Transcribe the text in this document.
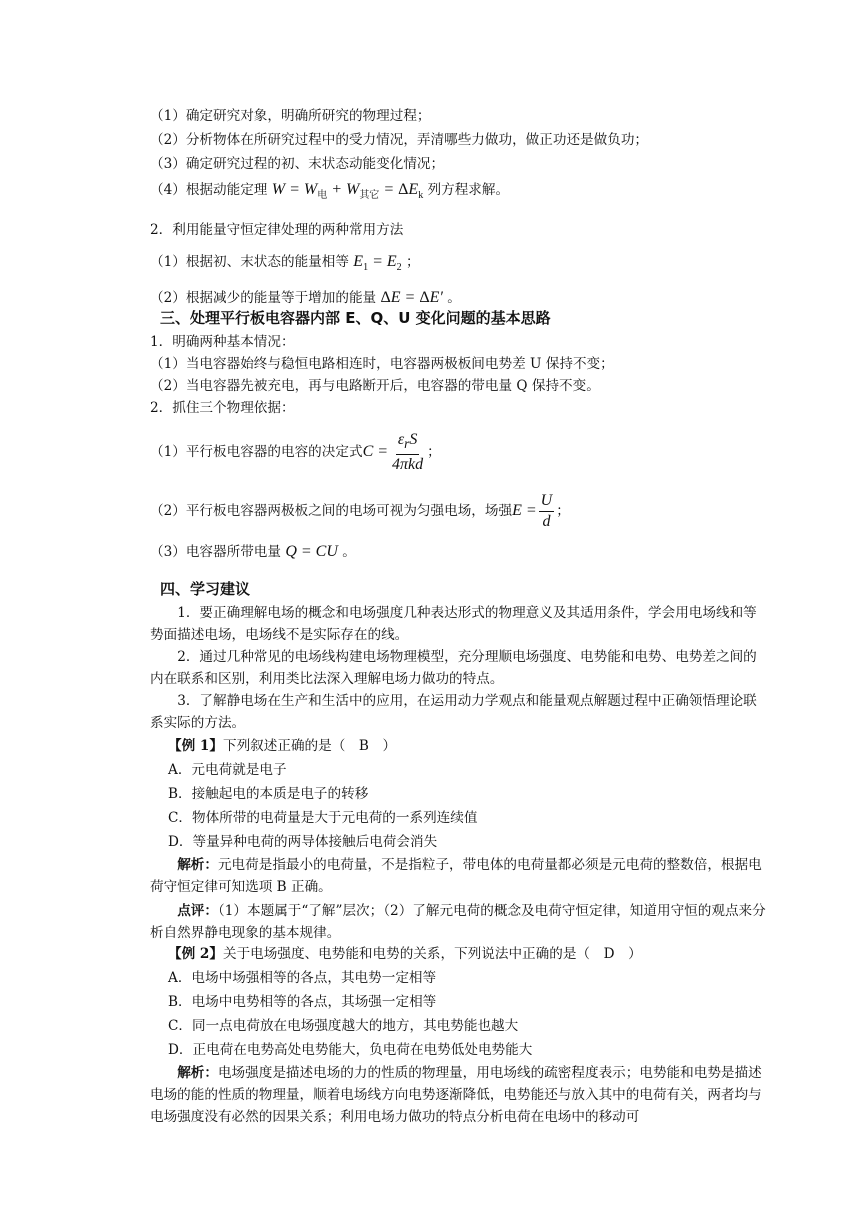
（1）确定研究对象，明确所研究的物理过程；
（2）分析物体在所研究过程中的受力情况，弄清哪些力做功，做正功还是做负功；
（3）确定研究过程的初、末状态动能变化情况；
（4）根据动能定理 $W = W_电 + W_{其它} = \Delta E_k$ 列方程求解。
2．利用能量守恒定律处理的两种常用方法
（1）根据初、末状态的能量相等 $E_1 = E_2$ ；
（2）根据减少的能量等于增加的能量 ΔE = ΔE′ 。
三、处理平行板电容器内部 E、Q、U 变化问题的基本思路
1．明确两种基本情况：
（1）当电容器始终与稳恒电路相连时，电容器两极板间电势差 U 保持不变；
（2）当电容器先被充电，再与电路断开后，电容器的带电量 Q 保持不变。
2．抓住三个物理依据：
（1）平行板电容器的电容的决定式$C = \frac{\varepsilon_rS}{\text{4πkd}}$ ；
（2）平行板电容器两极板之间的电场可视为匀强电场，场强$E = \frac{U}{d}$ ；
（3）电容器所带电量 Q = CU 。
四、学习建议
1．要正确理解电场的概念和电场强度几种表达形式的物理意义及其适用条件，学会用电场线和等势面描述电场，电场线不是实际存在的线。
2．通过几种常见的电场线构建电场物理模型，充分理顺电场强度、电势能和电势、电势差之间的内在联系和区别，利用类比法深入理解电场力做功的特点。
3．了解静电场在生产和生活中的应用，在运用动力学观点和能量观点解题过程中正确领悟理论联系实际的方法。
【例 1】下列叙述正确的是（　B　）
A．元电荷就是电子
B．接触起电的本质是电子的转移
C．物体所带的电荷量是大于元电荷的一系列连续值
D．等量异种电荷的两导体接触后电荷会消失
解析：元电荷是指最小的电荷量，不是指粒子，带电体的电荷量都必须是元电荷的整数倍，根据电荷守恒定律可知选项 B 正确。
点评：（1）本题属于“了解”层次；（2）了解元电荷的概念及电荷守恒定律，知道用守恒的观点来分析自然界静电现象的基本规律。
【例 2】关于电场强度、电势能和电势的关系，下列说法中正确的是（　D　）
A．电场中场强相等的各点，其电势一定相等
B．电场中电势相等的各点，其场强一定相等
C．同一点电荷放在电场强度越大的地方，其电势能也越大
D．正电荷在电势高处电势能大，负电荷在电势低处电势能大
解析：电场强度是描述电场的力的性质的物理量，用电场线的疏密程度表示；电势能和电势是描述电场的能的性质的物理量，顺着电场线方向电势逐渐降低，电势能还与放入其中的电荷有关，两者均与电场强度没有必然的因果关系；利用电场力做功的特点分析电荷在电场中的移动可
